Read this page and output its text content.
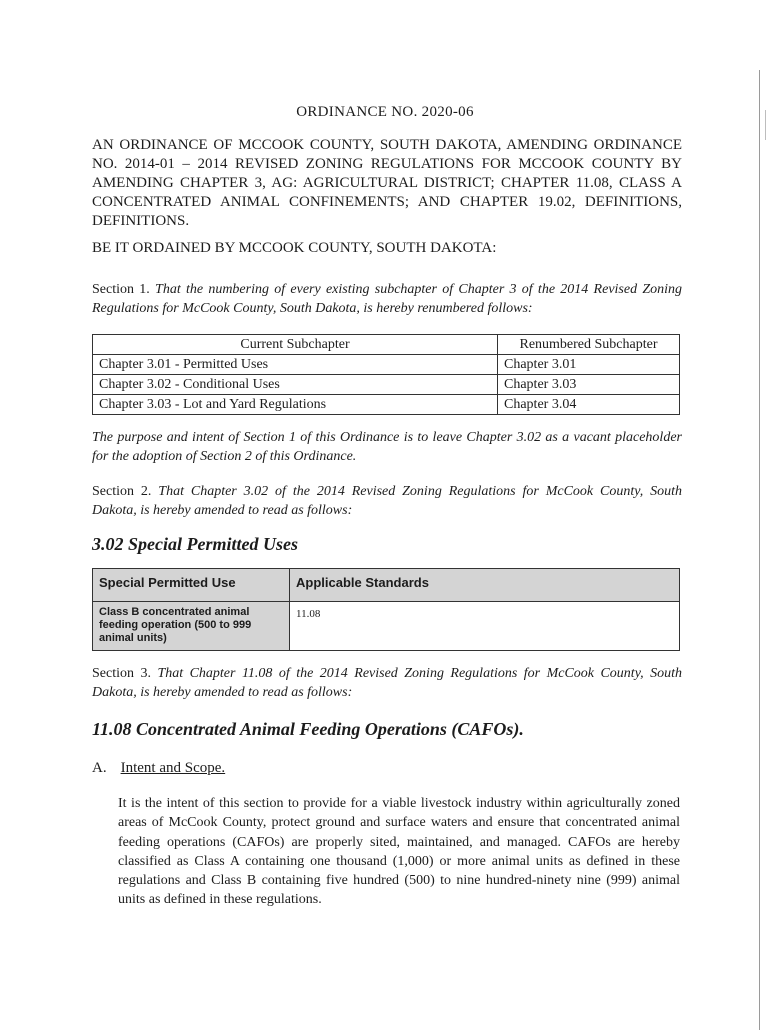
ORDINANCE NO. 2020-06
AN ORDINANCE OF MCCOOK COUNTY, SOUTH DAKOTA, AMENDING ORDINANCE NO. 2014-01 – 2014 REVISED ZONING REGULATIONS FOR MCCOOK COUNTY BY AMENDING CHAPTER 3, AG: AGRICULTURAL DISTRICT; CHAPTER 11.08, CLASS A CONCENTRATED ANIMAL CONFINEMENTS; AND CHAPTER 19.02, DEFINITIONS, DEFINITIONS.
BE IT ORDAINED BY MCCOOK COUNTY, SOUTH DAKOTA:
Section 1. That the numbering of every existing subchapter of Chapter 3 of the 2014 Revised Zoning Regulations for McCook County, South Dakota, is hereby renumbered follows:
Current Subchapter	Renumbered Subchapter
Chapter 3.01 - Permitted Uses	Chapter 3.01
Chapter 3.02 - Conditional Uses	Chapter 3.03
Chapter 3.03 - Lot and Yard Regulations	Chapter 3.04
The purpose and intent of Section 1 of this Ordinance is to leave Chapter 3.02 as a vacant placeholder for the adoption of Section 2 of this Ordinance.
Section 2. That Chapter 3.02 of the 2014 Revised Zoning Regulations for McCook County, South Dakota, is hereby amended to read as follows:
3.02 Special Permitted Uses
Special Permitted Use	Applicable Standards
Class B concentrated animal feeding operation (500 to 999 animal units)	11.08
Section 3. That Chapter 11.08 of the 2014 Revised Zoning Regulations for McCook County, South Dakota, is hereby amended to read as follows:
11.08 Concentrated Animal Feeding Operations (CAFOs).
A. Intent and Scope.
It is the intent of this section to provide for a viable livestock industry within agriculturally zoned areas of McCook County, protect ground and surface waters and ensure that concentrated animal feeding operations (CAFOs) are properly sited, maintained, and managed. CAFOs are hereby classified as Class A containing one thousand (1,000) or more animal units as defined in these regulations and Class B containing five hundred (500) to nine hundred-ninety nine (999) animal units as defined in these regulations.
